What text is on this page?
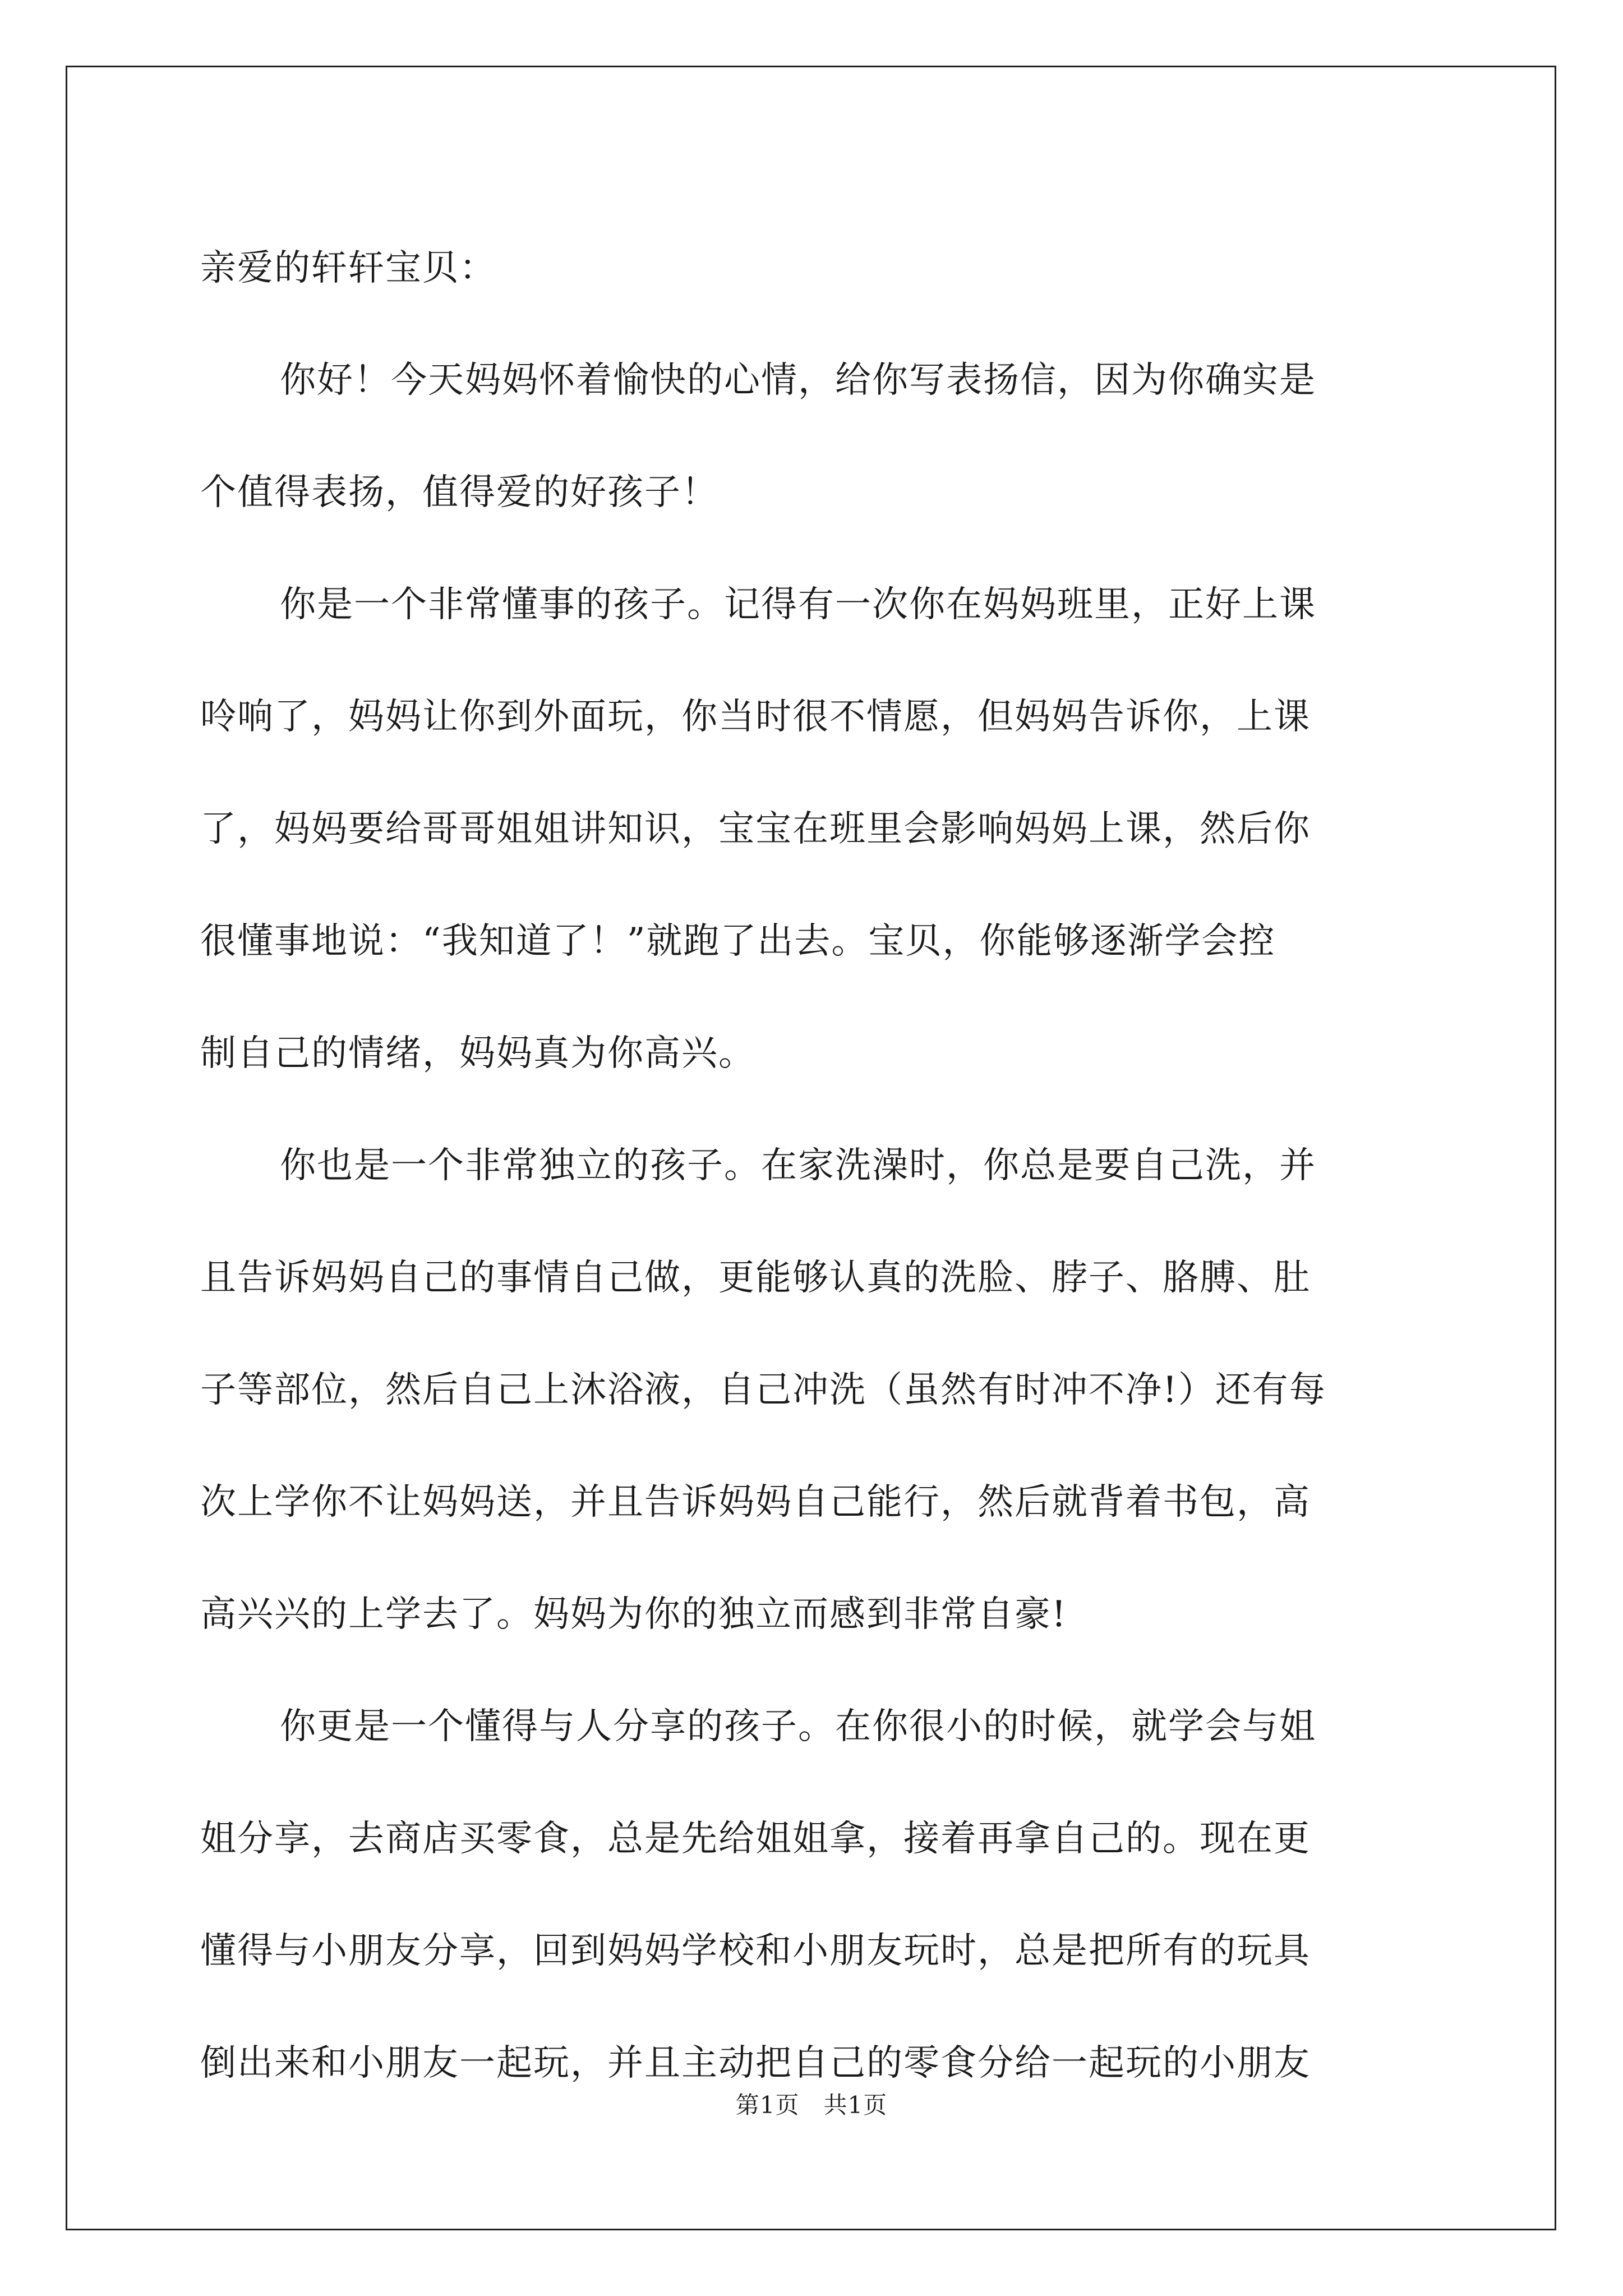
亲爱的轩轩宝贝：
你好！今天妈妈怀着愉快的心情，给你写表扬信，因为你确实是
个值得表扬，值得爱的好孩子！
你是一个非常懂事的孩子。记得有一次你在妈妈班里，正好上课
呤响了，妈妈让你到外面玩，你当时很不情愿，但妈妈告诉你，上课
了，妈妈要给哥哥姐姐讲知识，宝宝在班里会影响妈妈上课，然后你
很懂事地说：“我知道了！”就跑了出去。宝贝，你能够逐渐学会控
制自己的情绪，妈妈真为你高兴。
你也是一个非常独立的孩子。在家洗澡时，你总是要自己洗，并
且告诉妈妈自己的事情自己做，更能够认真的洗脸、脖子、胳膊、肚
子等部位，然后自己上沐浴液，自己冲洗（虽然有时冲不净!）还有每
次上学你不让妈妈送，并且告诉妈妈自己能行，然后就背着书包，高
高兴兴的上学去了。妈妈为你的独立而感到非常自豪!
你更是一个懂得与人分享的孩子。在你很小的时候，就学会与姐
姐分享，去商店买零食，总是先给姐姐拿，接着再拿自己的。现在更
懂得与小朋友分享，回到妈妈学校和小朋友玩时，总是把所有的玩具
倒出来和小朋友一起玩，并且主动把自己的零食分给一起玩的小朋友
第1页　共1页
